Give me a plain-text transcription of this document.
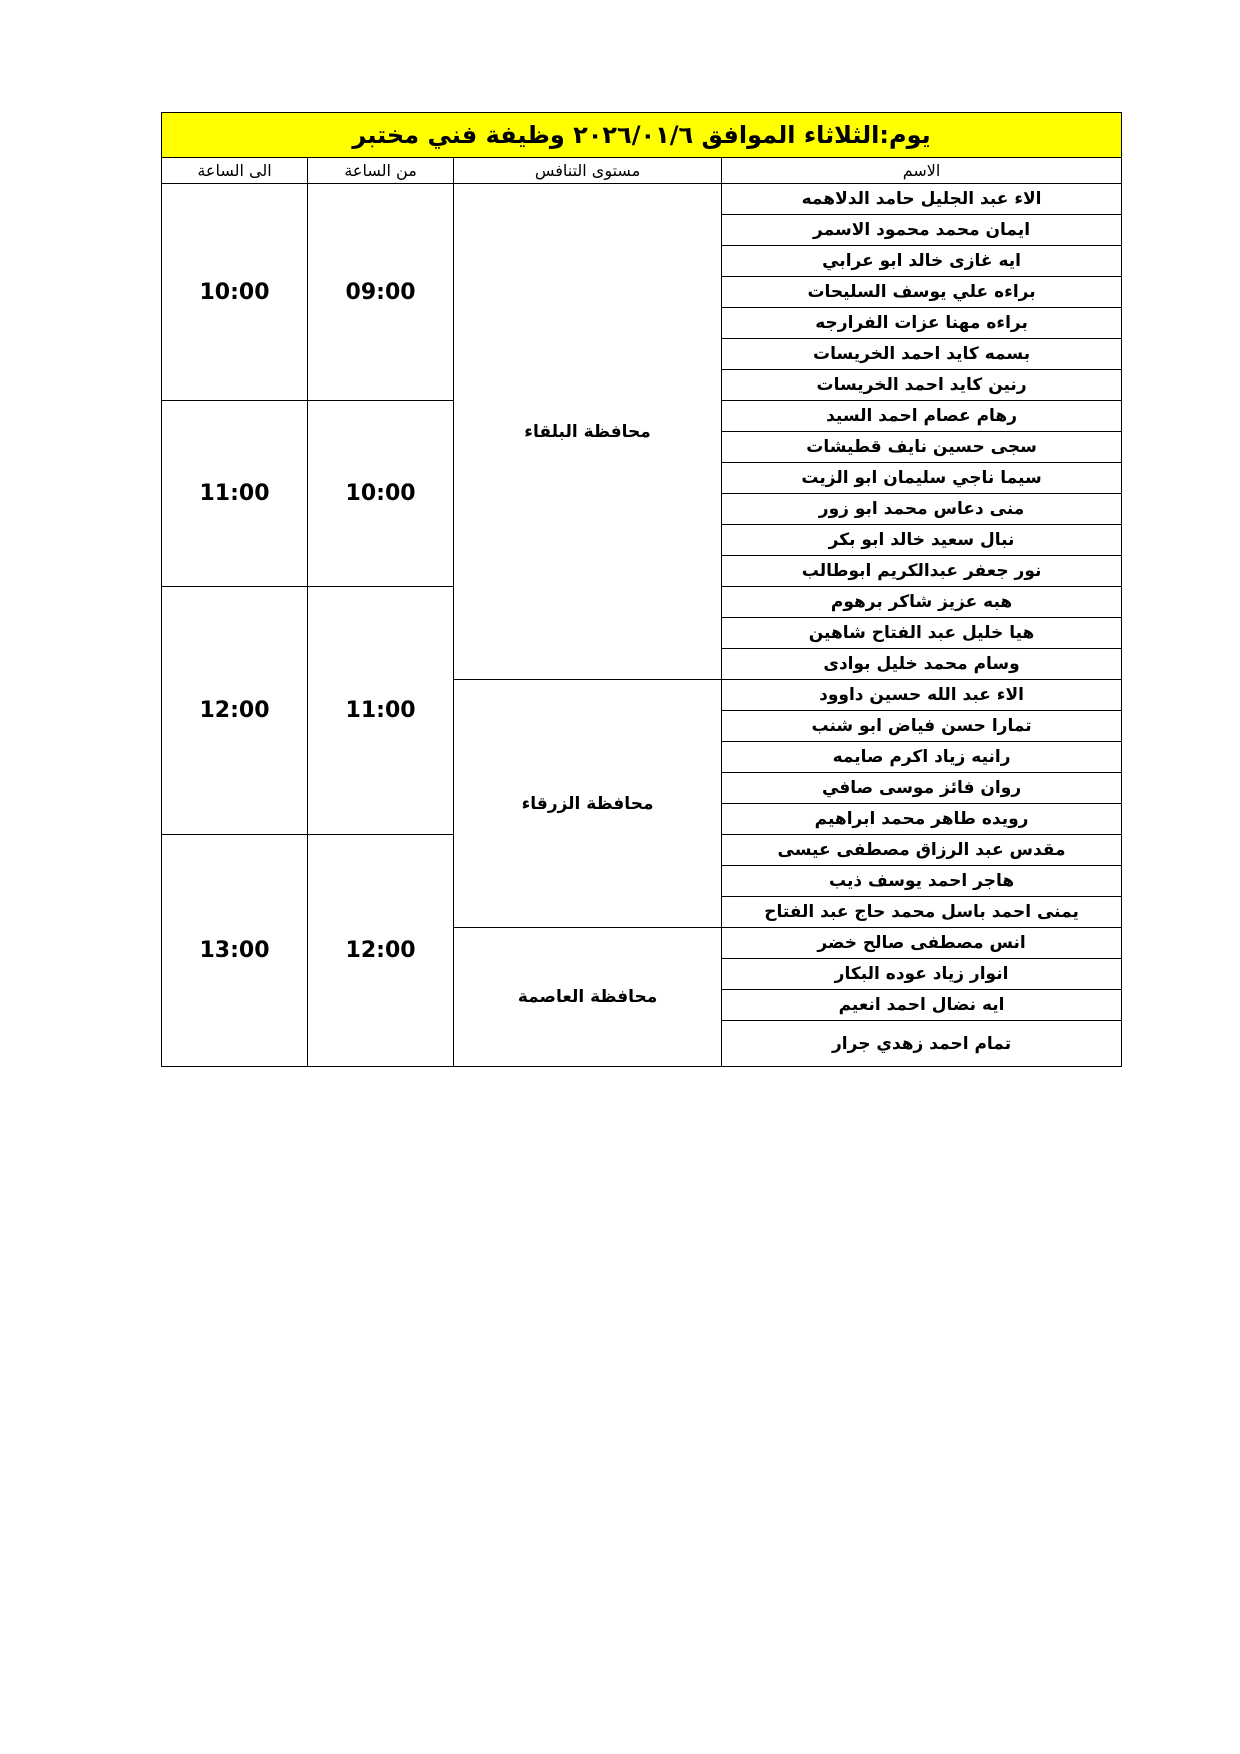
يوم:الثلاثاء الموافق ٢٠٢٦/٠١/٦ وظيفة فني مختبر			
الاسم	مستوى التنافس	من الساعة	الى الساعة
الاء عبد الجليل حامد الدلاهمه	محافظة البلقاء	09:00	10:00
ايمان محمد محمود الاسمر			
ايه غازى خالد ابو عرابي			
براءه علي يوسف السليحات			
براءه مهنا عزات الفرارجه			
بسمه كايد احمد الخريسات			
رنين كايد احمد الخريسات			
رهام عصام احمد السيد		10:00	11:00
سجى حسين نايف قطيشات			
سيما ناجي سليمان ابو الزيت			
منى دعاس محمد ابو زور			
نبال سعيد خالد ابو بكر			
نور جعفر عبدالكريم ابوطالب			
هبه عزيز شاكر برهوم		11:00	12:00
هيا خليل عبد الفتاح شاهين			
وسام محمد خليل بوادى			
الاء عبد الله حسين داوود	محافظة الزرقاء		
تمارا حسن فياض ابو شنب			
رانيه زياد اكرم صايمه			
روان فائز موسى صافي			
رويده طاهر محمد ابراهيم			
مقدس عبد الرزاق مصطفى عيسى		12:00	13:00
هاجر احمد يوسف ذيب			
يمنى احمد باسل محمد حاج عبد الفتاح			
انس مصطفى صالح خضر	محافظة العاصمة		
انوار زياد عوده البكار			
ايه نضال احمد انعيم			
تمام احمد زهدي جرار			
